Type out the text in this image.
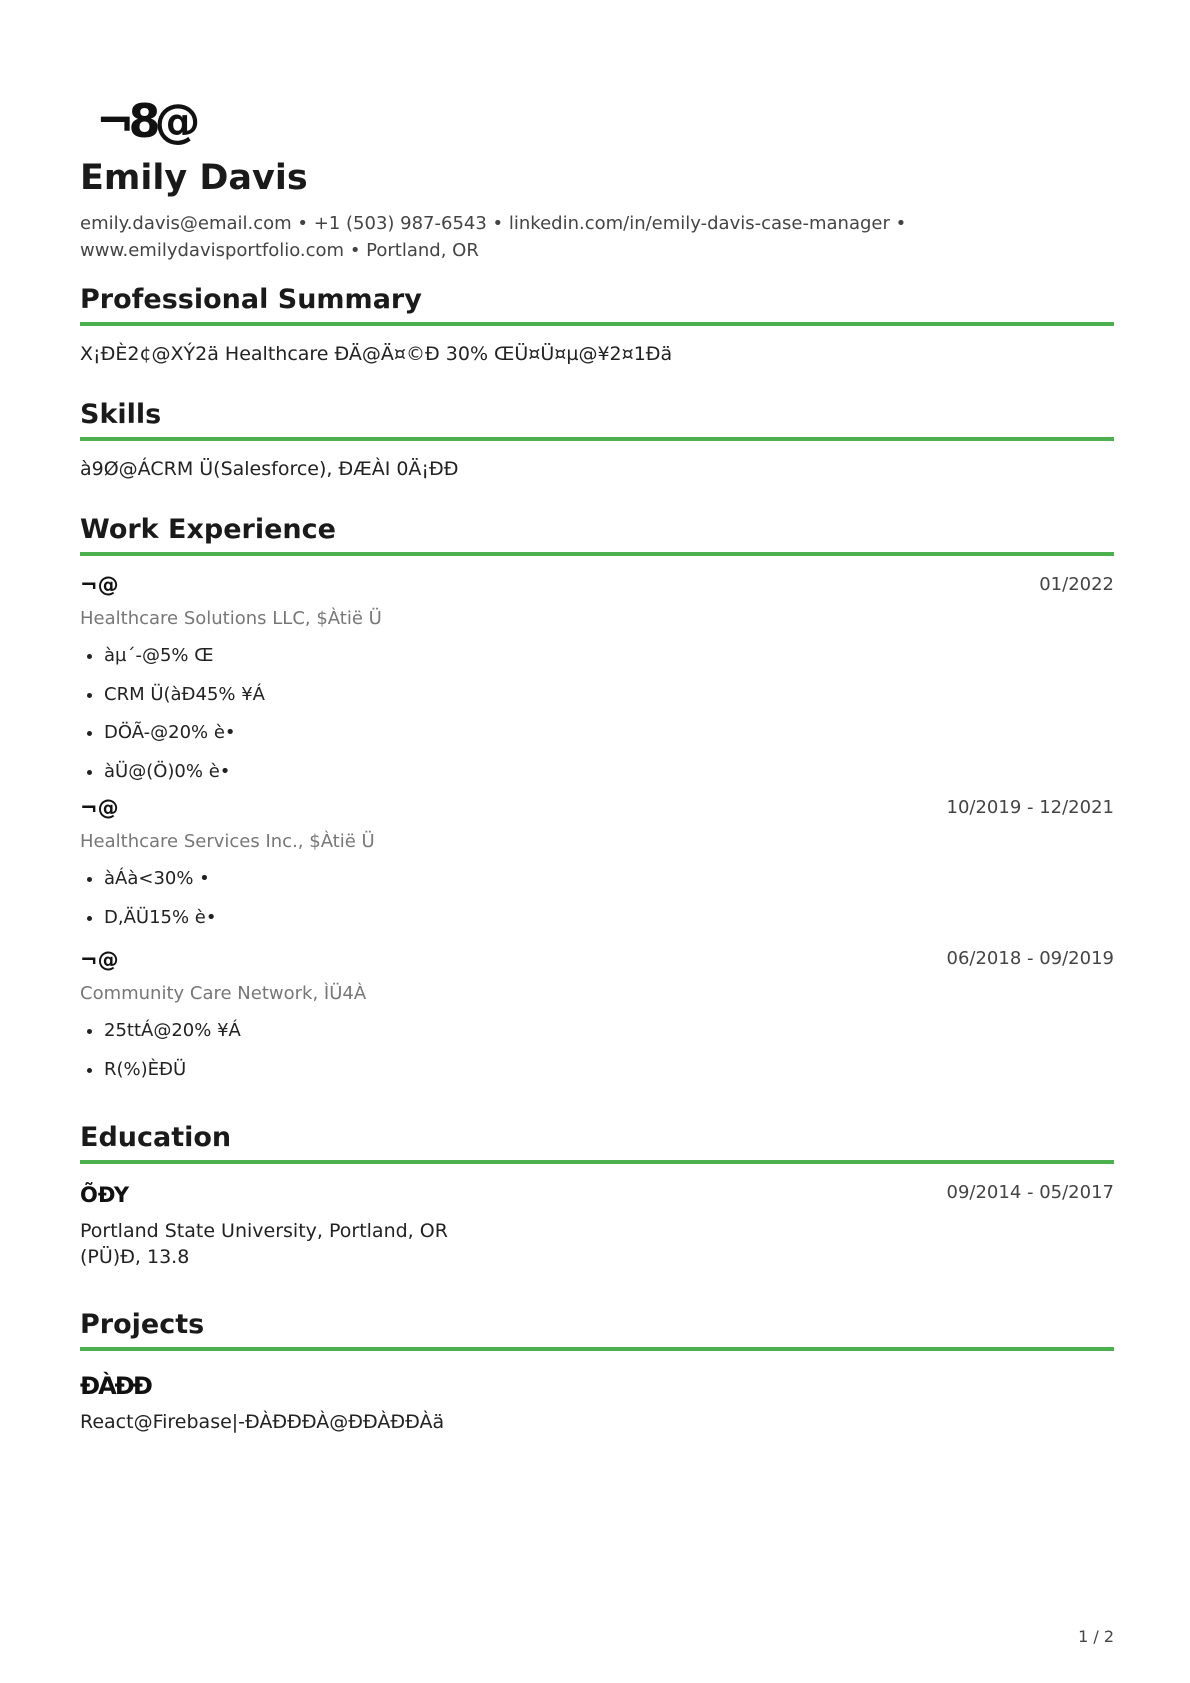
¬8@
Emily Davis
emily.davis@email.com • +1 (503) 987-6543 • linkedin.com/in/emily-davis-case-manager •
www.emilydavisportfolio.com • Portland, OR
Professional Summary
X¡ÐÈ2¢@XÝ2ä Healthcare ÐÄ@Ä¤©Ð 30% ŒÜ¤Ü¤µ@¥2¤1Ðä
Skills
à9Ø@ÁCRM Ü(Salesforce), ÐÆÀI 0Ä¡ÐÐ
Work Experience
¬@	01/2022
Healthcare Solutions LLC, $Àtië Ü
• àµ´-@5% Œ
• CRM Ü(àÐ45% ¥Á
• DÖÃ-@20% è•
• àÜ@(Ö)0% è•
¬@	10/2019 - 12/2021
Healthcare Services Inc., $Àtië Ü
• àÁà<30% •
• D,ÄÜ15% è•
¬@	06/2018 - 09/2019
Community Care Network, ÌÜ4À
• 25ttÁ@20% ¥Á
• R(%)ÈÐÜ
Education
ÕÐY	09/2014 - 05/2017
Portland State University, Portland, OR
(PÜ)Ð, 13.8
Projects
ÐÀÐÐ
React@Firebase|-ÐÀÐÐÐÀ@ÐÐÀÐÐÀä
1 / 2
